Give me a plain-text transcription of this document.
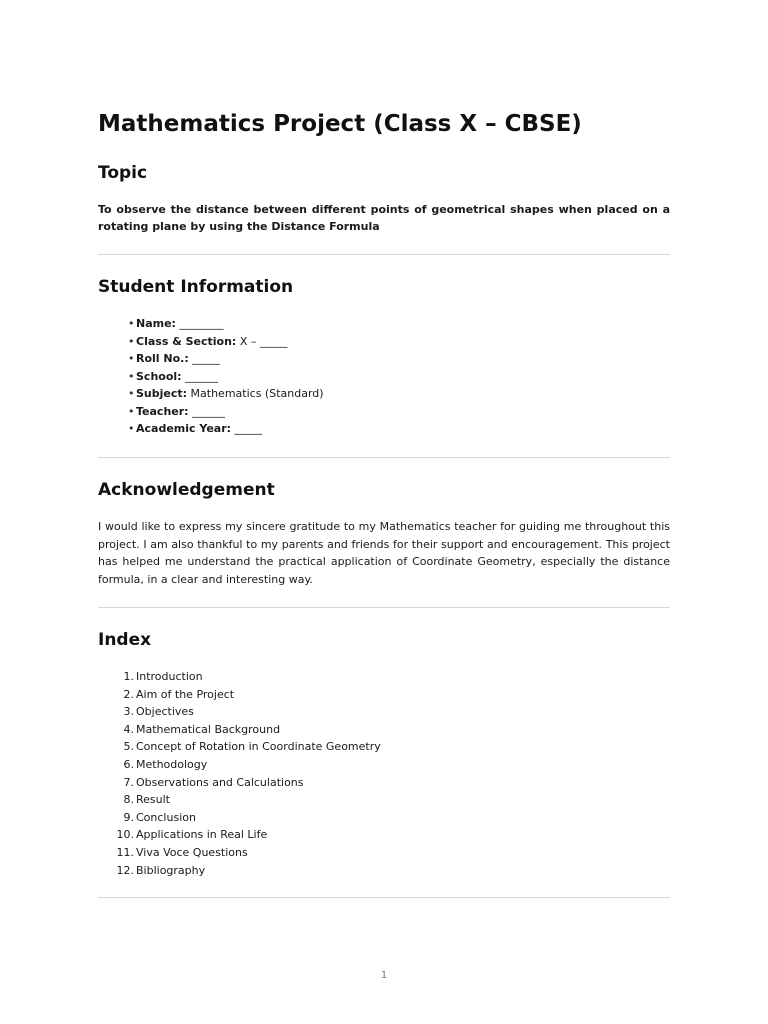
Mathematics Project (Class X – CBSE)
Topic

To observe the distance between different points of geometrical shapes when placed on a rotating plane by using the Distance Formula

Student Information
• Name: ________
• Class & Section: X – _____
• Roll No.: _____
• School: ______
• Subject: Mathematics (Standard)
• Teacher: ______
• Academic Year: _____
Acknowledgement

I would like to express my sincere gratitude to my Mathematics teacher for guiding me throughout this project. I am also thankful to my parents and friends for their support and encouragement. This project has helped me understand the practical application of Coordinate Geometry, especially the distance formula, in a clear and interesting way.

Index
1. Introduction
2. Aim of the Project
3. Objectives
4. Mathematical Background
5. Concept of Rotation in Coordinate Geometry
6. Methodology
7. Observations and Calculations
8. Result
9. Conclusion
10. Applications in Real Life
11. Viva Voce Questions
12. Bibliography
1
